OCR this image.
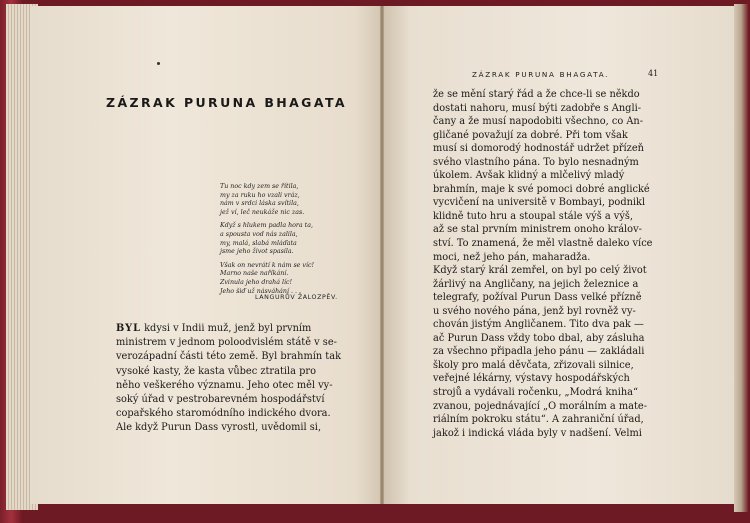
ZÁZRAK PURUNA BHAGATA
Tu noc kdy zem se řítila,
my za ruku ho vzali vráz,
nám v srdci láska svítila,
jež ví, leč neukáže nic zas.
Když s hlukem padla hora ta,
a spousta vod nás zalila,
my, malá, slabá mláďata
jsme jeho život spasila.
Však on nevrátí k nám se víc!
Marno naše naříkání.
Zvinula jeho drahá líc!
Jeho šiď už násváhání . . .
LANGURŮV ŽALOZPĚV.
BYL kdysi v Indii muž, jenž byl prvním
ministrem v jednom poloodvislém státě v se-
verozápadní části této země. Byl brahmín tak
vysoké kasty, že kasta vůbec ztratila pro
něho veškerého významu. Jeho otec měl vy-
soký úřad v pestrobarevném hospodářství
copařského staromódního indického dvora.
Ale když Purun Dass vyrostl, uvědomil si,
ZÁZRAK PURUNA BHAGATA.	41
že se mění starý řád a že chce-li se někdo
dostati nahoru, musí býti zadobře s Angli-
čany a že musí napodobiti všechno, co An-
gličané považují za dobré. Při tom však
musí si domorodý hodnostář udržet přízeň
svého vlastního pána. To bylo nesnadným
úkolem. Avšak klidný a mlčelivý mladý
brahmín, maje k své pomoci dobré anglické
vycvičení na universitě v Bombayi, podnikl
klidně tuto hru a stoupal stále výš a výš,
až se stal prvním ministrem onoho králov-
ství. To znamená, že měl vlastně daleko více
moci, než jeho pán, maharadža.
Když starý král zemřel, on byl po celý život
žárlivý na Angličany, na jejich železnice a
telegrafy, požíval Purun Dass velké přízně
u svého nového pána, jenž byl rovněž vy-
chován jistým Angličanem. Tito dva pak —
ač Purun Dass vždy tobo dbal, aby zásluha
za všechno připadla jeho pánu — zakládali
školy pro malá děvčata, zřizovali silnice,
veřejné lékárny, výstavy hospodářských
strojů a vydávali ročenku, „Modrá kniha“
zvanou, pojednávající „O morálním a mate-
riálním pokroku státu“. A zahraniční úřad,
jakož i indická vláda byly v nadšení. Velmi
